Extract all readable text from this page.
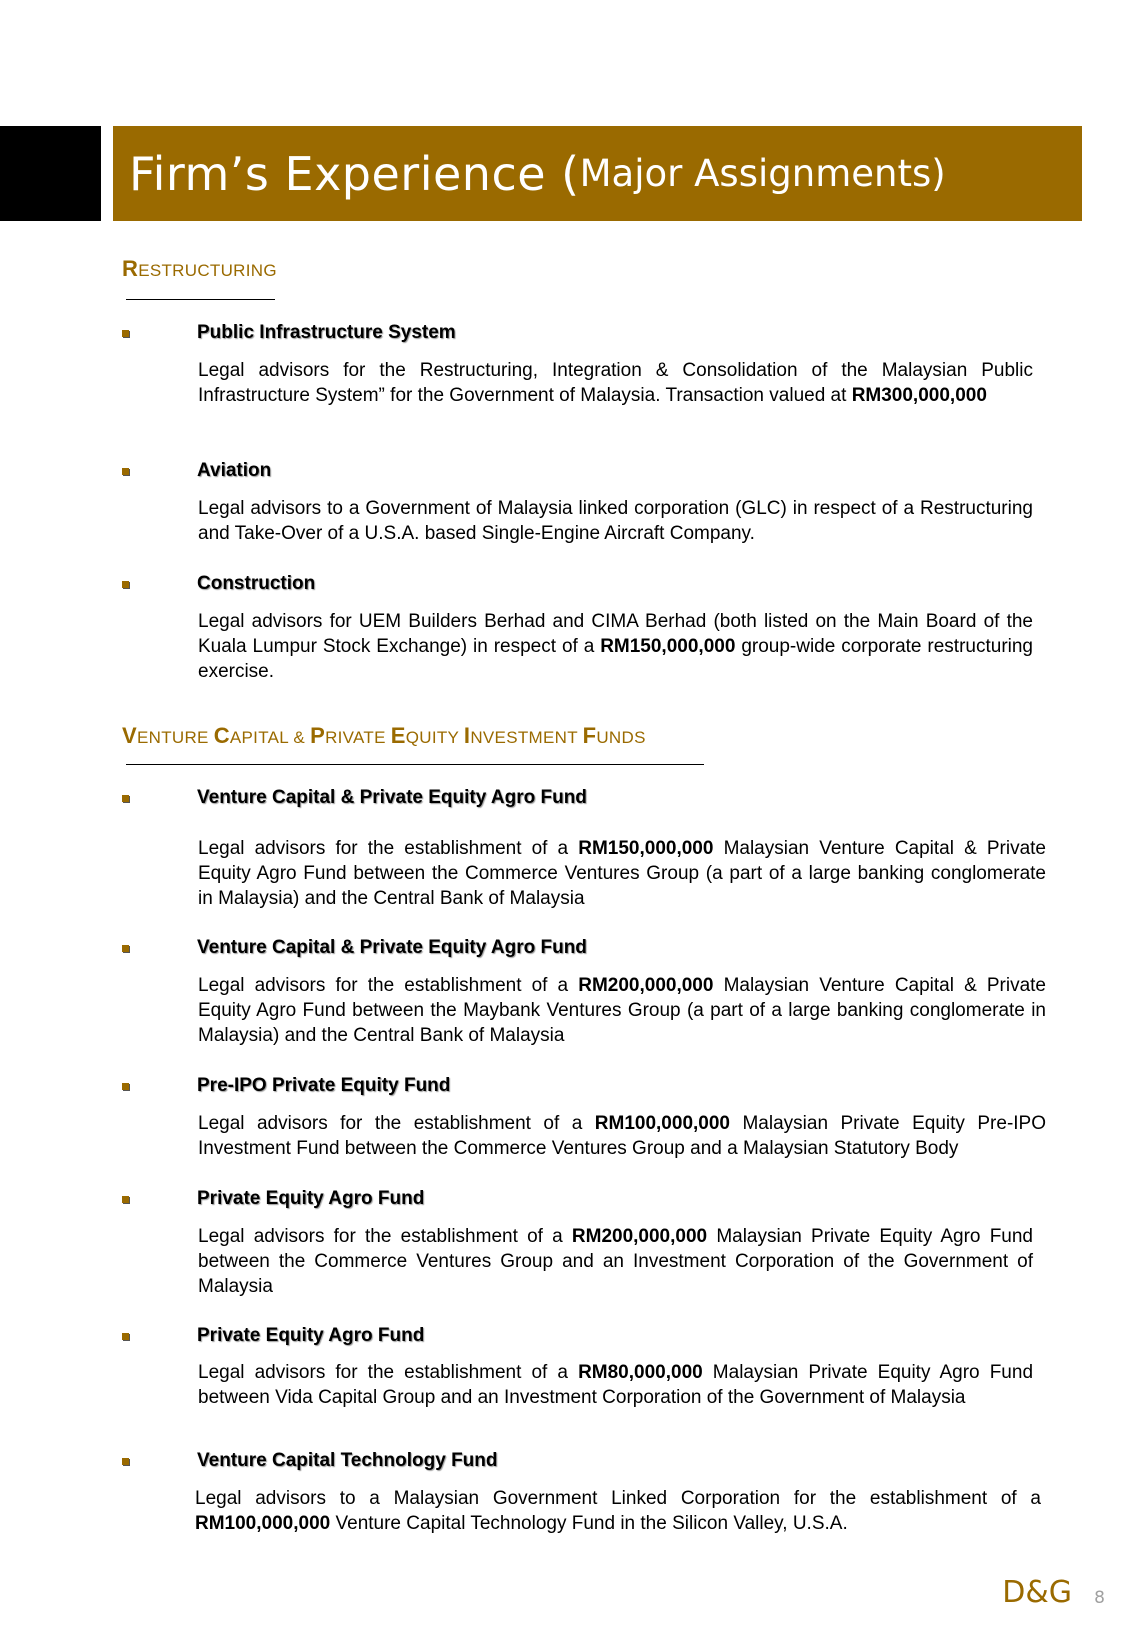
Firm’s Experience ( Major Assignments)
RESTRUCTURING
Public Infrastructure System
Legal advisors for the Restructuring, Integration & Consolidation of the Malaysian Public Infrastructure System” for the Government of Malaysia. Transaction valued at RM300,000,000
Aviation
Legal advisors to a Government of Malaysia linked corporation (GLC) in respect of a Restructuring and Take-Over of a U.S.A. based Single-Engine Aircraft Company.
Construction
Legal advisors for UEM Builders Berhad and CIMA Berhad (both listed on the Main Board of the Kuala Lumpur Stock Exchange) in respect of a RM150,000,000 group-wide corporate restructuring exercise.
VENTURE CAPITAL & PRIVATE EQUITY INVESTMENT FUNDS
Venture Capital & Private Equity Agro Fund
Legal advisors for the establishment of a RM150,000,000 Malaysian Venture Capital & Private Equity Agro Fund between the Commerce Ventures Group (a part of a large banking conglomerate in Malaysia) and the Central Bank of Malaysia
Venture Capital & Private Equity Agro Fund
Legal advisors for the establishment of a RM200,000,000 Malaysian Venture Capital & Private Equity Agro Fund between the Maybank Ventures Group (a part of a large banking conglomerate in Malaysia) and the Central Bank of Malaysia
Pre-IPO Private Equity Fund
Legal advisors for the establishment of a RM100,000,000 Malaysian Private Equity Pre-IPO Investment Fund between the Commerce Ventures Group and a Malaysian Statutory Body
Private Equity Agro Fund
Legal advisors for the establishment of a RM200,000,000 Malaysian Private Equity Agro Fund between the Commerce Ventures Group and an Investment Corporation of the Government of Malaysia
Private Equity Agro Fund
Legal advisors for the establishment of a RM80,000,000 Malaysian Private Equity Agro Fund between Vida Capital Group and an Investment Corporation of the Government of Malaysia
Venture Capital Technology Fund
Legal advisors to a Malaysian Government Linked Corporation for the establishment of a RM100,000,000 Venture Capital Technology Fund in the Silicon Valley, U.S.A.
D&G 8
